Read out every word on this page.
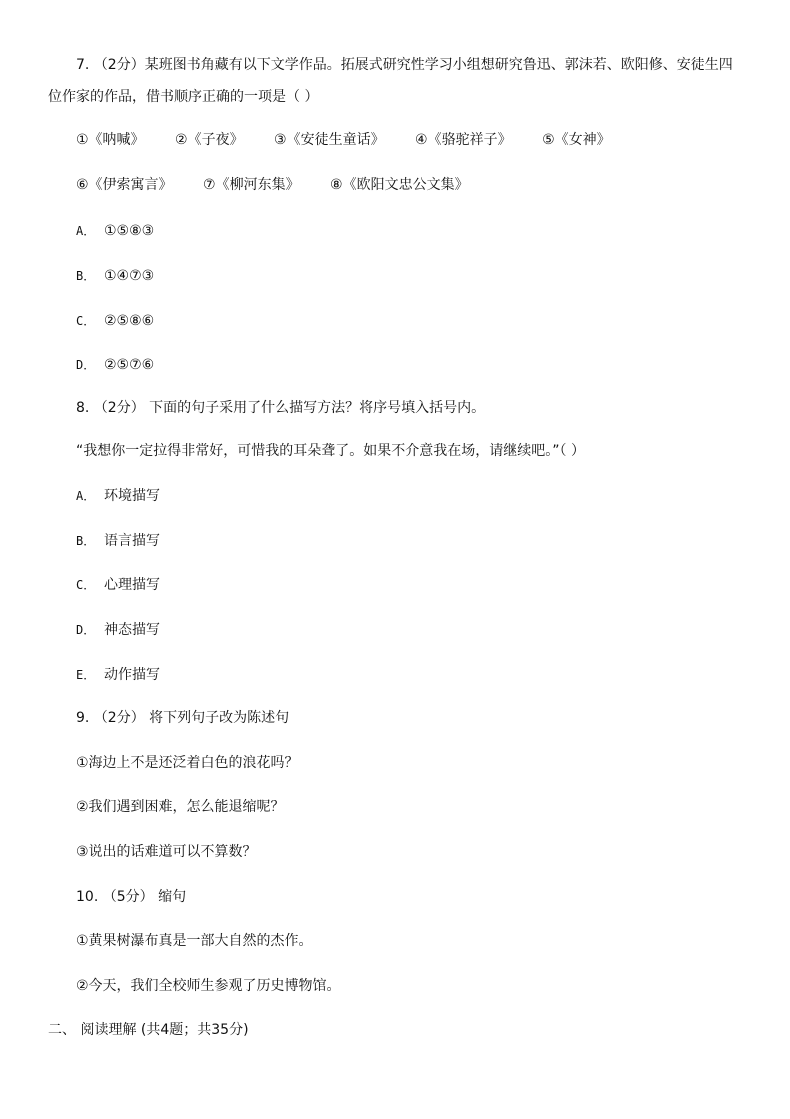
7. （2分）某班图书角藏有以下文学作品。拓展式研究性学习小组想研究鲁迅、郭沫若、欧阳修、安徒生四
位作家的作品，借书顺序正确的一项是（ ）
①《呐喊》 ②《子夜》 ③《安徒生童话》 ④《骆驼祥子》 ⑤《女神》
⑥《伊索寓言》 ⑦《柳河东集》 ⑧《欧阳文忠公文集》
A． ①⑤⑧③
B． ①④⑦③
C． ②⑤⑧⑥
D． ②⑤⑦⑥
8. （2分） 下面的句子采用了什么描写方法？将序号填入括号内。
“我想你一定拉得非常好，可惜我的耳朵聋了。如果不介意我在场，请继续吧。”（ ）
A． 环境描写
B． 语言描写
C． 心理描写
D． 神态描写
E． 动作描写
9. （2分） 将下列句子改为陈述句
①海边上不是还泛着白色的浪花吗？
②我们遇到困难，怎么能退缩呢？
③说出的话难道可以不算数？
10. （5分） 缩句
①黄果树瀑布真是一部大自然的杰作。
②今天，我们全校师生参观了历史博物馆。
二、 阅读理解 (共4题；共35分)
